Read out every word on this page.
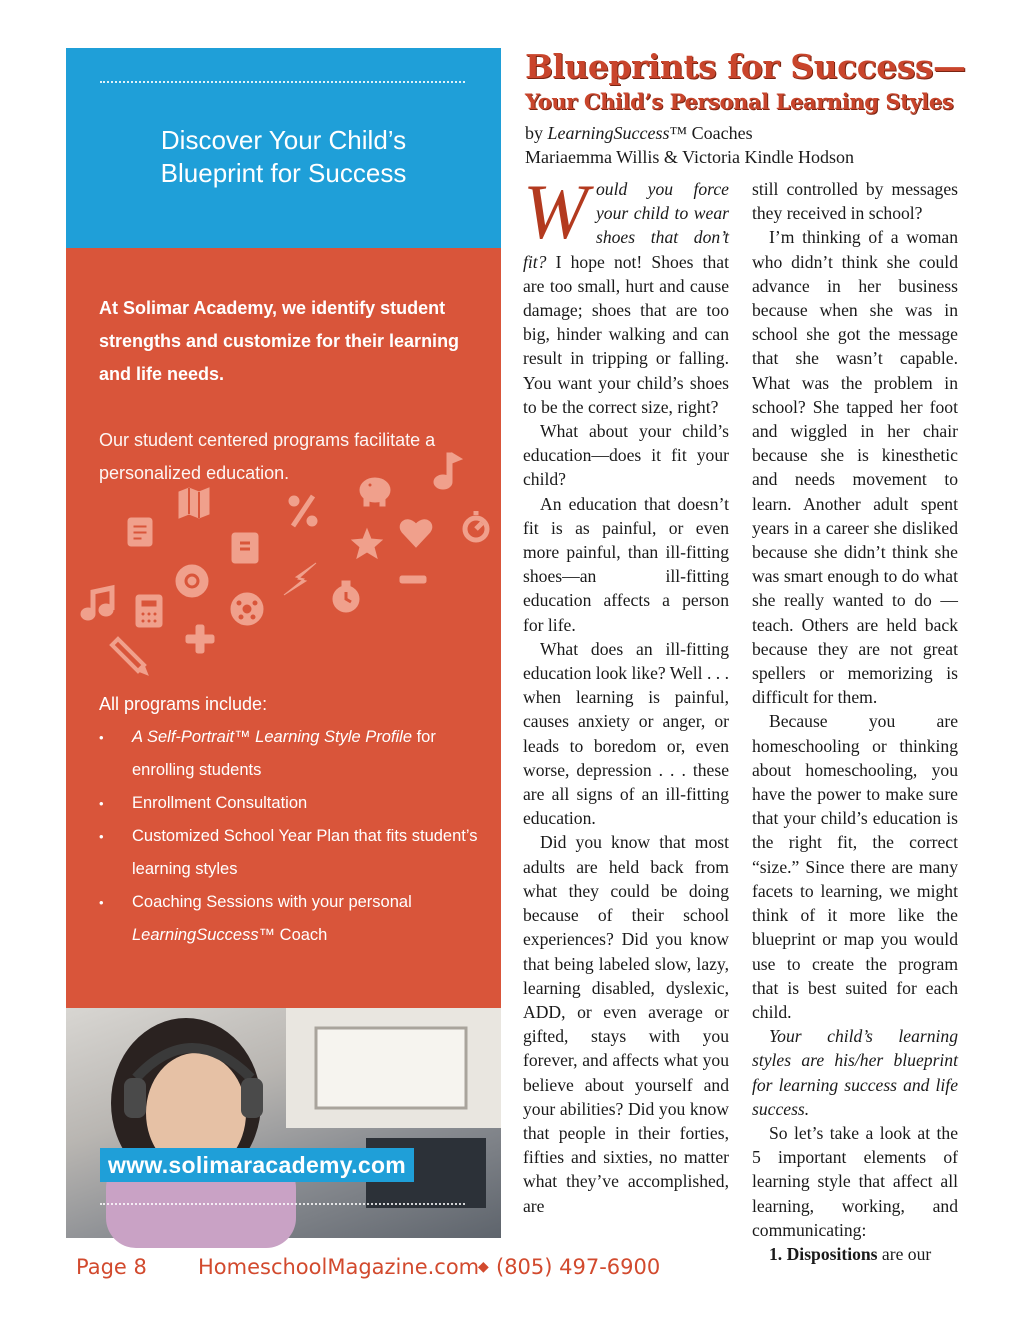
Discover Your Child’s
Blueprint for Success
At Solimar Academy, we identify student strengths and customize for their learning and life needs.
Our student centered programs facilitate a personalized education.
All programs include:
• A Self-Portrait™ Learning Style Profile for enrolling students
• Enrollment Consultation
• Customized School Year Plan that fits student’s learning styles
• Coaching Sessions with your personal LearningSuccess™ Coach
www.solimaracademy.com
Blueprints for Success—
Your Child’s Personal Learning Styles
by LearningSuccess™ Coaches
Mariaemma Willis & Victoria Kindle Hodson

Would you force your child to wear shoes that don’t fit? I hope not! Shoes that are too small, hurt and cause damage; shoes that are too big, hinder walking and can result in tripping or falling. You want your child’s shoes to be the correct size, right?

What about your child’s education—does it fit your child?

An education that doesn’t fit is as painful, or even more painful, than ill-fitting shoes—an ill-fitting education affects a person for life.

What does an ill-fitting education look like? Well . . . when learning is painful, causes anxiety or anger, or leads to boredom or, even worse, depression . . . these are all signs of an ill-fitting education.

Did you know that most adults are held back from what they could be doing because of their school experiences? Did you know that being labeled slow, lazy, learning disabled, dyslexic, ADD, or even average or gifted, stays with you forever, and affects what you believe about yourself and your abilities? Did you know that people in their forties, fifties and sixties, no matter what they’ve accomplished, are

still controlled by messages they received in school?

I’m thinking of a woman who didn’t think she could advance in her business because when she was in school she got the message that she wasn’t capable. What was the problem in school? She tapped her foot and wiggled in her chair because she is kinesthetic and needs movement to learn. Another adult spent years in a career she disliked because she didn’t think she was smart enough to do what she really wanted to do — teach. Others are held back because they are not great spellers or memorizing is difficult for them.

Because you are homeschooling or thinking about homeschooling, you have the power to make sure that your child’s education is the right fit, the correct “size.” Since there are many facets to learning, we might think of it more like the blueprint or map you would use to create the program that is best suited for each child.

Your child’s learning styles are his/her blueprint for learning success and life success.

So let’s take a look at the 5 important elements of learning style that affect all learning, working, and communicating:

1. Dispositions are our

Page 8 HomeschoolMagazine.com
◆ (805) 497-6900
